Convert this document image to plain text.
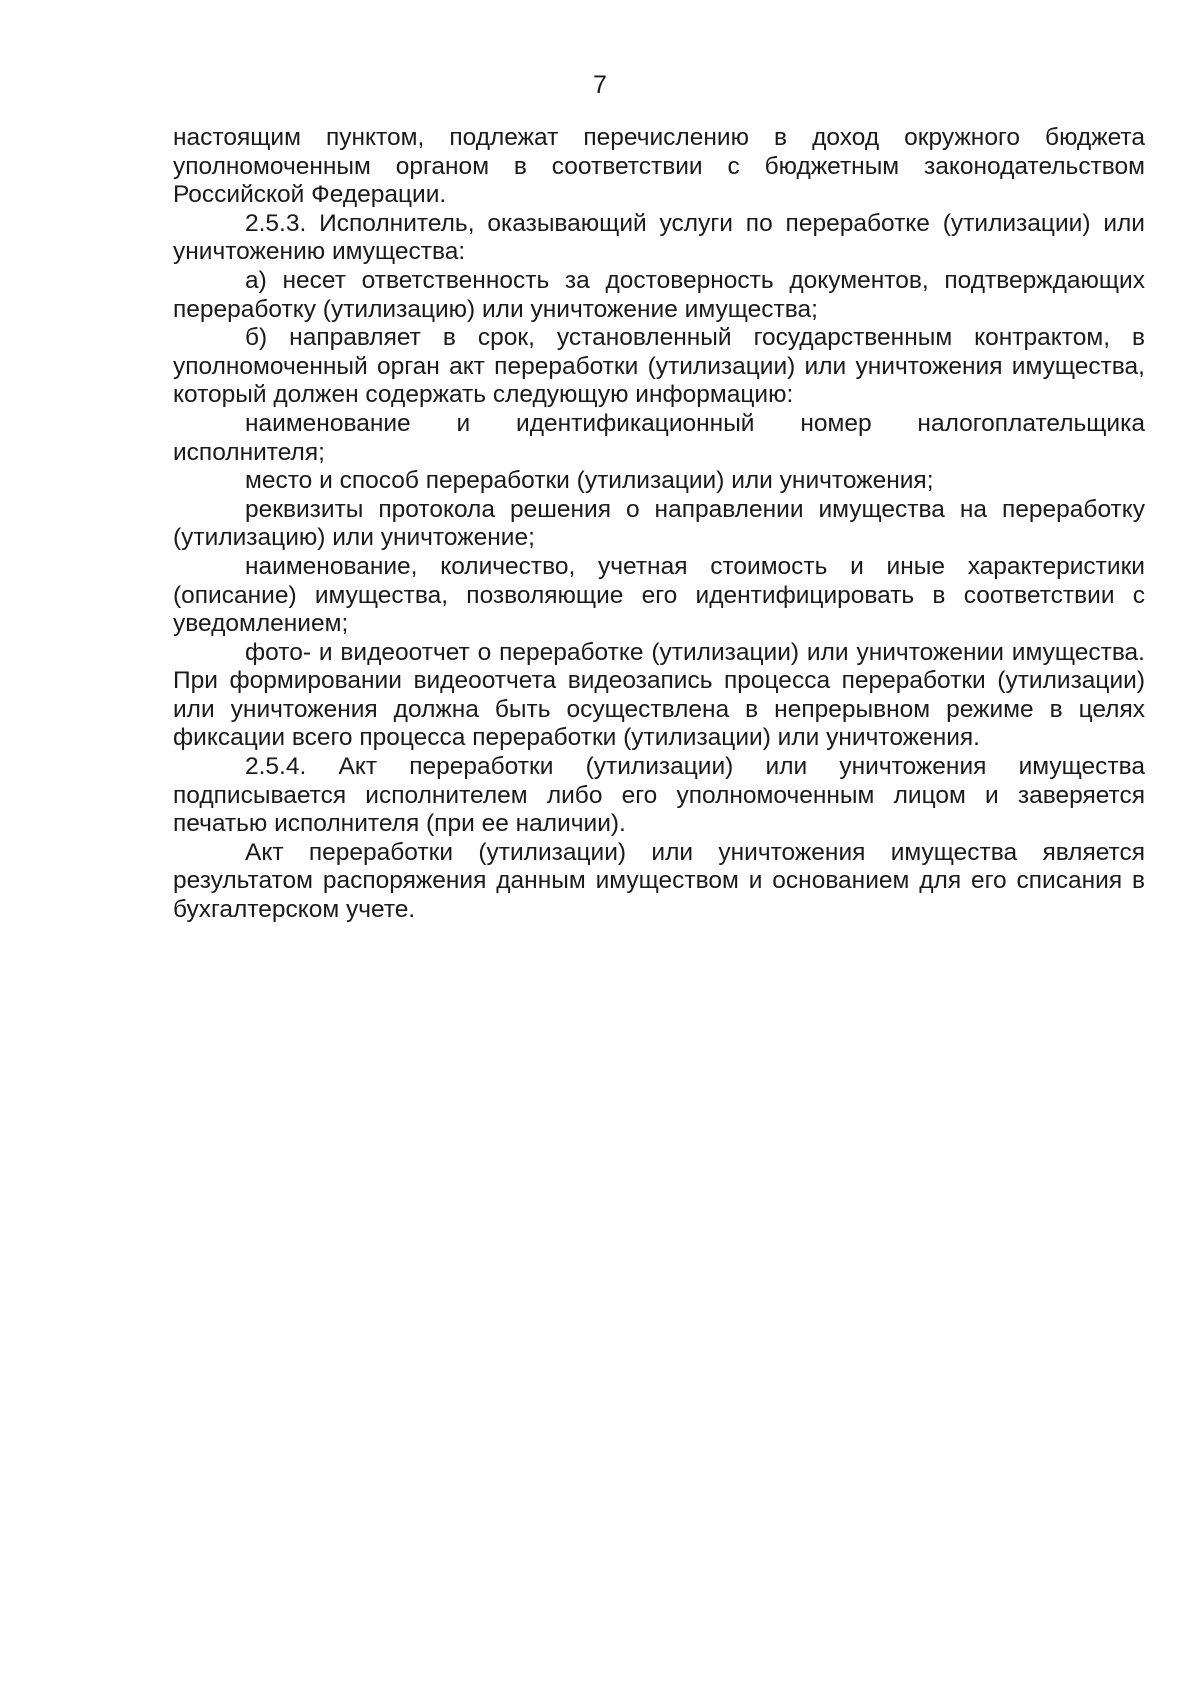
7

настоящим пунктом, подлежат перечислению в доход окружного бюджета уполномоченным органом в соответствии с бюджетным законодательством Российской Федерации.

2.5.3. Исполнитель, оказывающий услуги по переработке (утилизации) или уничтожению имущества:

а) несет ответственность за достоверность документов, подтверждающих переработку (утилизацию) или уничтожение имущества;

б) направляет в срок, установленный государственным контрактом, в уполномоченный орган акт переработки (утилизации) или уничтожения имущества, который должен содержать следующую информацию:

наименование и идентификационный номер налогоплательщика исполнителя;

место и способ переработки (утилизации) или уничтожения;

реквизиты протокола решения о направлении имущества на переработку (утилизацию) или уничтожение;

наименование, количество, учетная стоимость и иные характеристики (описание) имущества, позволяющие его идентифицировать в соответствии с уведомлением;

фото- и видеоотчет о переработке (утилизации) или уничтожении имущества. При формировании видеоотчета видеозапись процесса переработки (утилизации) или уничтожения должна быть осуществлена в непрерывном режиме в целях фиксации всего процесса переработки (утилизации) или уничтожения.

2.5.4. Акт переработки (утилизации) или уничтожения имущества подписывается исполнителем либо его уполномоченным лицом и заверяется печатью исполнителя (при ее наличии).

Акт переработки (утилизации) или уничтожения имущества является результатом распоряжения данным имуществом и основанием для его списания в бухгалтерском учете.
